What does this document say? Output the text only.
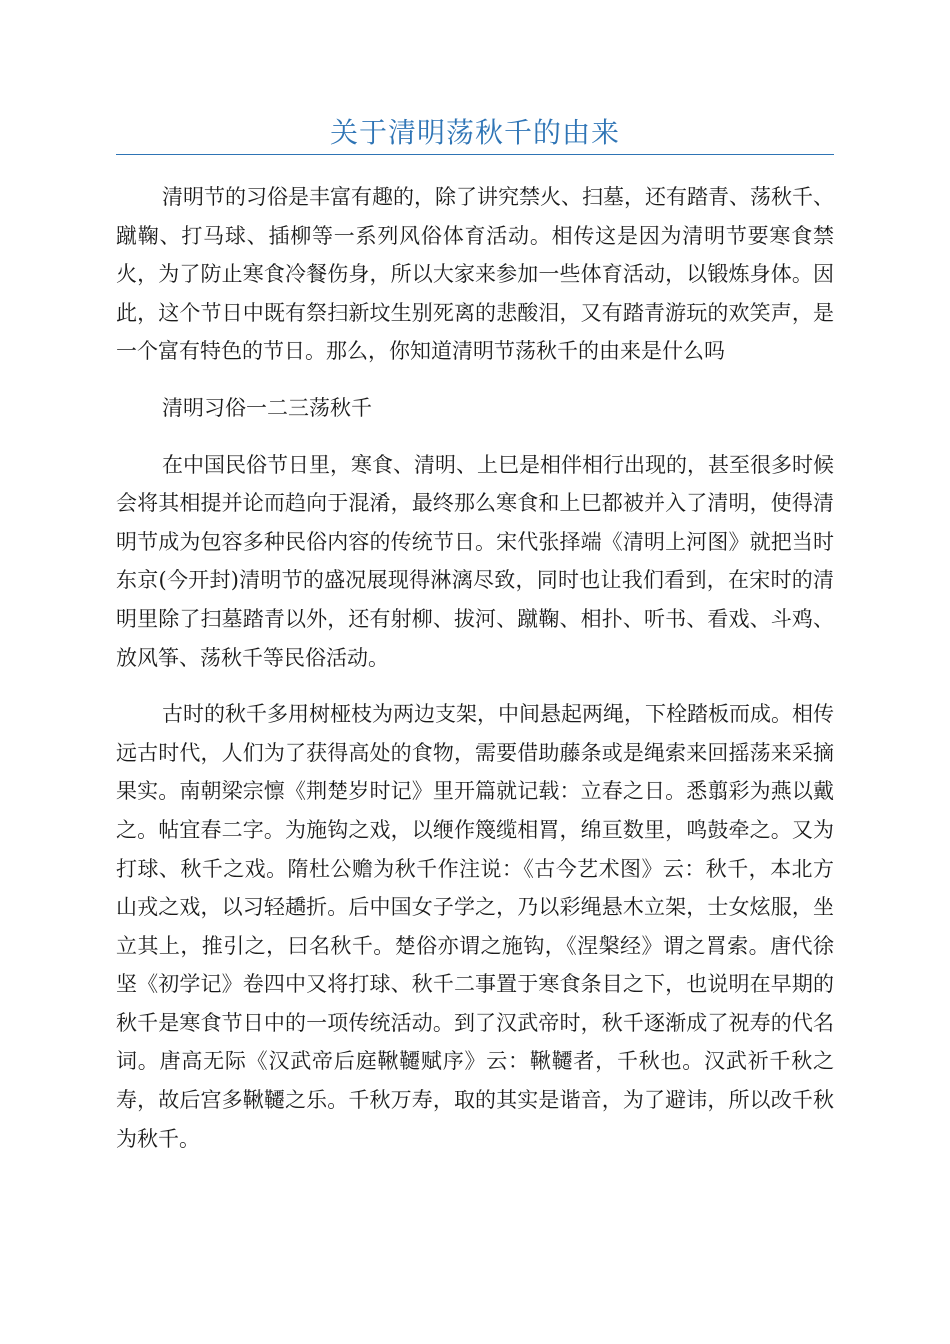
关于清明荡秋千的由来

清明节的习俗是丰富有趣的，除了讲究禁火、扫墓，还有踏青、荡秋千、蹴鞠、打马球、插柳等一系列风俗体育活动。相传这是因为清明节要寒食禁火，为了防止寒食冷餐伤身，所以大家来参加一些体育活动，以锻炼身体。因此，这个节日中既有祭扫新坟生别死离的悲酸泪，又有踏青游玩的欢笑声，是一个富有特色的节日。那么，你知道清明节荡秋千的由来是什么吗

清明习俗一二三荡秋千

在中国民俗节日里，寒食、清明、上巳是相伴相行出现的，甚至很多时候会将其相提并论而趋向于混淆，最终那么寒食和上巳都被并入了清明，使得清明节成为包容多种民俗内容的传统节日。宋代张择端《清明上河图》就把当时东京(今开封)清明节的盛况展现得淋漓尽致，同时也让我们看到，在宋时的清明里除了扫墓踏青以外，还有射柳、拔河、蹴鞠、相扑、听书、看戏、斗鸡、放风筝、荡秋千等民俗活动。

古时的秋千多用树桠枝为两边支架，中间悬起两绳，下栓踏板而成。相传远古时代，人们为了获得高处的食物，需要借助藤条或是绳索来回摇荡来采摘果实。南朝梁宗懔《荆楚岁时记》里开篇就记载：立春之日。悉翦彩为燕以戴之。帖宜春二字。为施钩之戏，以缏作篾缆相罥，绵亘数里，鸣鼓牵之。又为打球、秋千之戏。隋杜公赡为秋千作注说：《古今艺术图》云：秋千，本北方山戎之戏，以习轻趫折。后中国女子学之，乃以彩绳悬木立架，士女炫服，坐立其上，推引之，曰名秋千。楚俗亦谓之施钩，《涅槃经》谓之罥索。唐代徐坚《初学记》卷四中又将打球、秋千二事置于寒食条目之下，也说明在早期的秋千是寒食节日中的一项传统活动。到了汉武帝时，秋千逐渐成了祝寿的代名词。唐高无际《汉武帝后庭鞦韆赋序》云：鞦韆者，千秋也。汉武祈千秋之寿，故后宫多鞦韆之乐。千秋万寿，取的其实是谐音，为了避讳，所以改千秋为秋千。
